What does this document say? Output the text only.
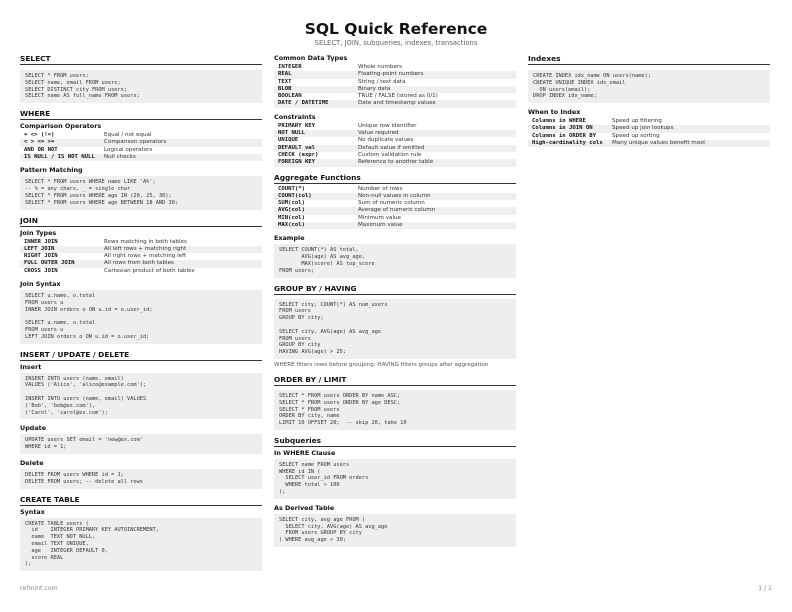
SQL Quick Reference
SELECT, JOIN, subqueries, indexes, transactions
SELECT
SELECT * FROM users;
SELECT name, email FROM users;
SELECT DISTINCT city FROM users;
SELECT name AS full_name FROM users;
WHERE
Comparison Operators
= <> (!=)	Equal / not equal
< > <= >=	Comparison operators
AND OR NOT	Logical operators
IS NULL / IS NOT NULL	Null checks
Pattern Matching
SELECT * FROM users WHERE name LIKE 'A%';
-- % = any chars, _ = single char
SELECT * FROM users WHERE age IN (20, 25, 30);
SELECT * FROM users WHERE age BETWEEN 18 AND 30;
JOIN
Join Types
INNER JOIN	Rows matching in both tables
LEFT JOIN	All left rows + matching right
RIGHT JOIN	All right rows + matching left
FULL OUTER JOIN	All rows from both tables
CROSS JOIN	Cartesian product of both tables
Join Syntax
SELECT u.name, o.total
FROM users u
INNER JOIN orders o ON u.id = o.user_id;

SELECT u.name, o.total
FROM users u
LEFT JOIN orders o ON u.id = o.user_id;
INSERT / UPDATE / DELETE
Insert
INSERT INTO users (name, email)
VALUES ('Alice', 'alice@example.com');

INSERT INTO users (name, email) VALUES
('Bob', 'bob@ex.com'),
('Carol', 'carol@ex.com');
Update
UPDATE users SET email = 'new@ex.com'
WHERE id = 1;
Delete
DELETE FROM users WHERE id = 1;
DELETE FROM users; -- delete all rows
CREATE TABLE
Syntax
CREATE TABLE users (
id    INTEGER PRIMARY KEY AUTOINCREMENT,
name  TEXT NOT NULL,
email TEXT UNIQUE,
age   INTEGER DEFAULT 0,
score REAL
);
Common Data Types
INTEGER	Whole numbers
REAL	Floating-point numbers
TEXT	String / text data
BLOB	Binary data
BOOLEAN	TRUE / FALSE (stored as 0/1)
DATE / DATETIME	Date and timestamp values
Constraints
PRIMARY KEY	Unique row identifier
NOT NULL	Value required
UNIQUE	No duplicate values
DEFAULT val	Default value if omitted
CHECK (expr)	Custom validation rule
FOREIGN KEY	Reference to another table
Aggregate Functions
COUNT(*)	Number of rows
COUNT(col)	Non-null values in column
SUM(col)	Sum of numeric column
AVG(col)	Average of numeric column
MIN(col)	Minimum value
MAX(col)	Maximum value
Example
SELECT COUNT(*) AS total,
AVG(age) AS avg_age,
MAX(score) AS top_score
FROM users;
GROUP BY / HAVING
SELECT city, COUNT(*) AS num_users
FROM users
GROUP BY city;

SELECT city, AVG(age) AS avg_age
FROM users
GROUP BY city
HAVING AVG(age) > 25;
WHERE filters rows before grouping; HAVING filters groups after aggregation
ORDER BY / LIMIT
SELECT * FROM users ORDER BY name ASC;
SELECT * FROM users ORDER BY age DESC;
SELECT * FROM users
ORDER BY city, name
LIMIT 10 OFFSET 20;  -- skip 20, take 10
Subqueries
In WHERE Clause
SELECT name FROM users
WHERE id IN (
SELECT user_id FROM orders
WHERE total > 100
);
As Derived Table
SELECT city, avg_age FROM (
SELECT city, AVG(age) AS avg_age
FROM users GROUP BY city
) WHERE avg_age > 30;
Indexes
CREATE INDEX idx_name ON users(name);
CREATE UNIQUE INDEX idx_email
ON users(email);
DROP INDEX idx_name;
When to Index
Columns in WHERE	Speed up filtering
Columns in JOIN ON	Speed up join lookups
Columns in ORDER BY	Speed up sorting
High-cardinality cols	Many unique values benefit most
refmint.com	1 / 1
